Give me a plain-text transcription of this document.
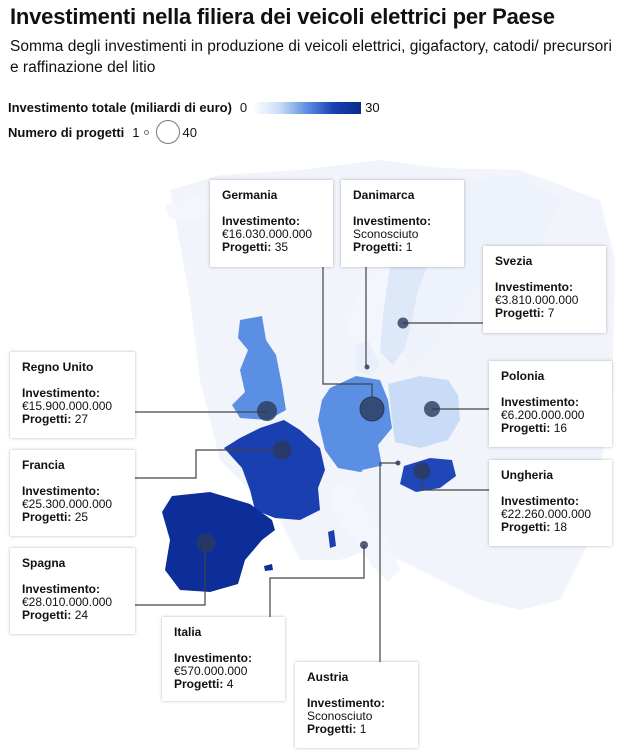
Investimenti nella filiera dei veicoli elettrici per Paese
Somma degli investimenti in produzione di veicoli elettrici, gigafactory, catodi/ precursori e raffinazione del litio
Investimento totale (miliardi di euro) 0	30
Numero di progetti 1	40
Germania
Investimento:
€16.030.000.000
Progetti: 35
Danimarca
Investimento:
Sconosciuto
Progetti: 1
Svezia
Investimento:
€3.810.000.000
Progetti: 7
Regno Unito
Investimento:
€15.900.000.000
Progetti: 27
Polonia
Investimento:
€6.200.000.000
Progetti: 16
Francia
Investimento:
€25.300.000.000
Progetti: 25
Ungheria
Investimento:
€22.260.000.000
Progetti: 18
Spagna
Investimento:
€28.010.000.000
Progetti: 24
Italia
Investimento:
€570.000.000
Progetti: 4	Austria
Investimento:
Sconosciuto
Progetti: 1
